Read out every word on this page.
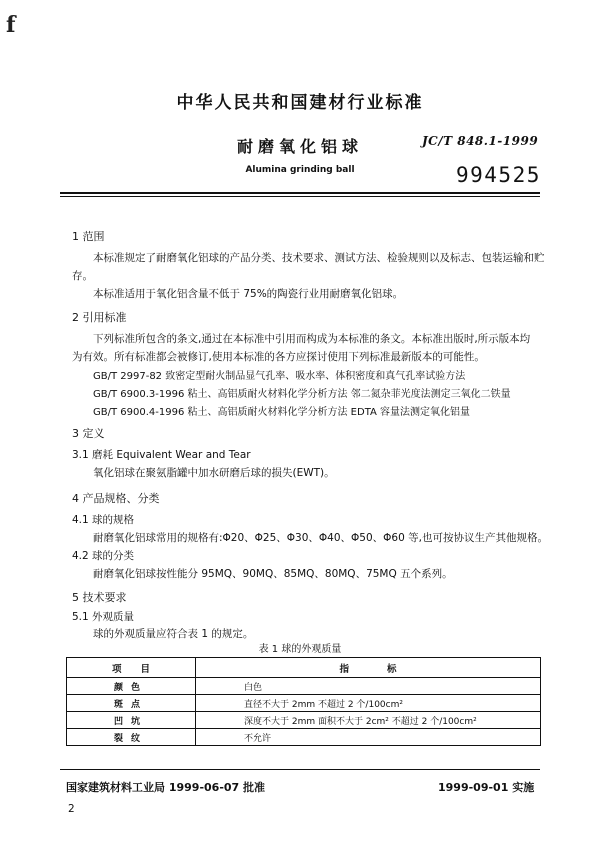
f
中华人民共和国建材行业标准
耐磨氧化铝球
Alumina grinding ball
JC/T 848.1-1999
994525
1 范围
本标准规定了耐磨氧化铝球的产品分类、技术要求、测试方法、检验规则以及标志、包装运输和贮
存。
本标准适用于氧化铝含量不低于 75%的陶瓷行业用耐磨氧化铝球。
2 引用标准
下列标准所包含的条文,通过在本标准中引用而构成为本标准的条文。本标准出版时,所示版本均
为有效。所有标准都会被修订,使用本标准的各方应探讨使用下列标准最新版本的可能性。
GB/T 2997-82 致密定型耐火制品显气孔率、吸水率、体积密度和真气孔率试验方法
GB/T 6900.3-1996 粘土、高铝质耐火材料化学分析方法 邻二氮杂菲光度法测定三氧化二铁量
GB/T 6900.4-1996 粘土、高铝质耐火材料化学分析方法 EDTA 容量法测定氧化铝量
3 定义
3.1 磨耗 Equivalent Wear and Tear
氧化铝球在聚氨脂罐中加水研磨后球的损失(EWT)。
4 产品规格、分类
4.1 球的规格
耐磨氧化铝球常用的规格有:Φ20、Φ25、Φ30、Φ40、Φ50、Φ60 等,也可按协议生产其他规格。
4.2 球的分类
耐磨氧化铝球按性能分 95MQ、90MQ、85MQ、80MQ、75MQ 五个系列。
5 技术要求
5.1 外观质量
球的外观质量应符合表 1 的规定。
表 1 球的外观质量
项　　目	指　　　　标
颜色	白色
斑点	直径不大于 2mm 不超过 2 个/100cm²
凹坑	深度不大于 2mm 面积不大于 2cm² 不超过 2 个/100cm²
裂纹	不允许
国家建筑材料工业局 1999-06-07 批准	1999-09-01 实施
2
